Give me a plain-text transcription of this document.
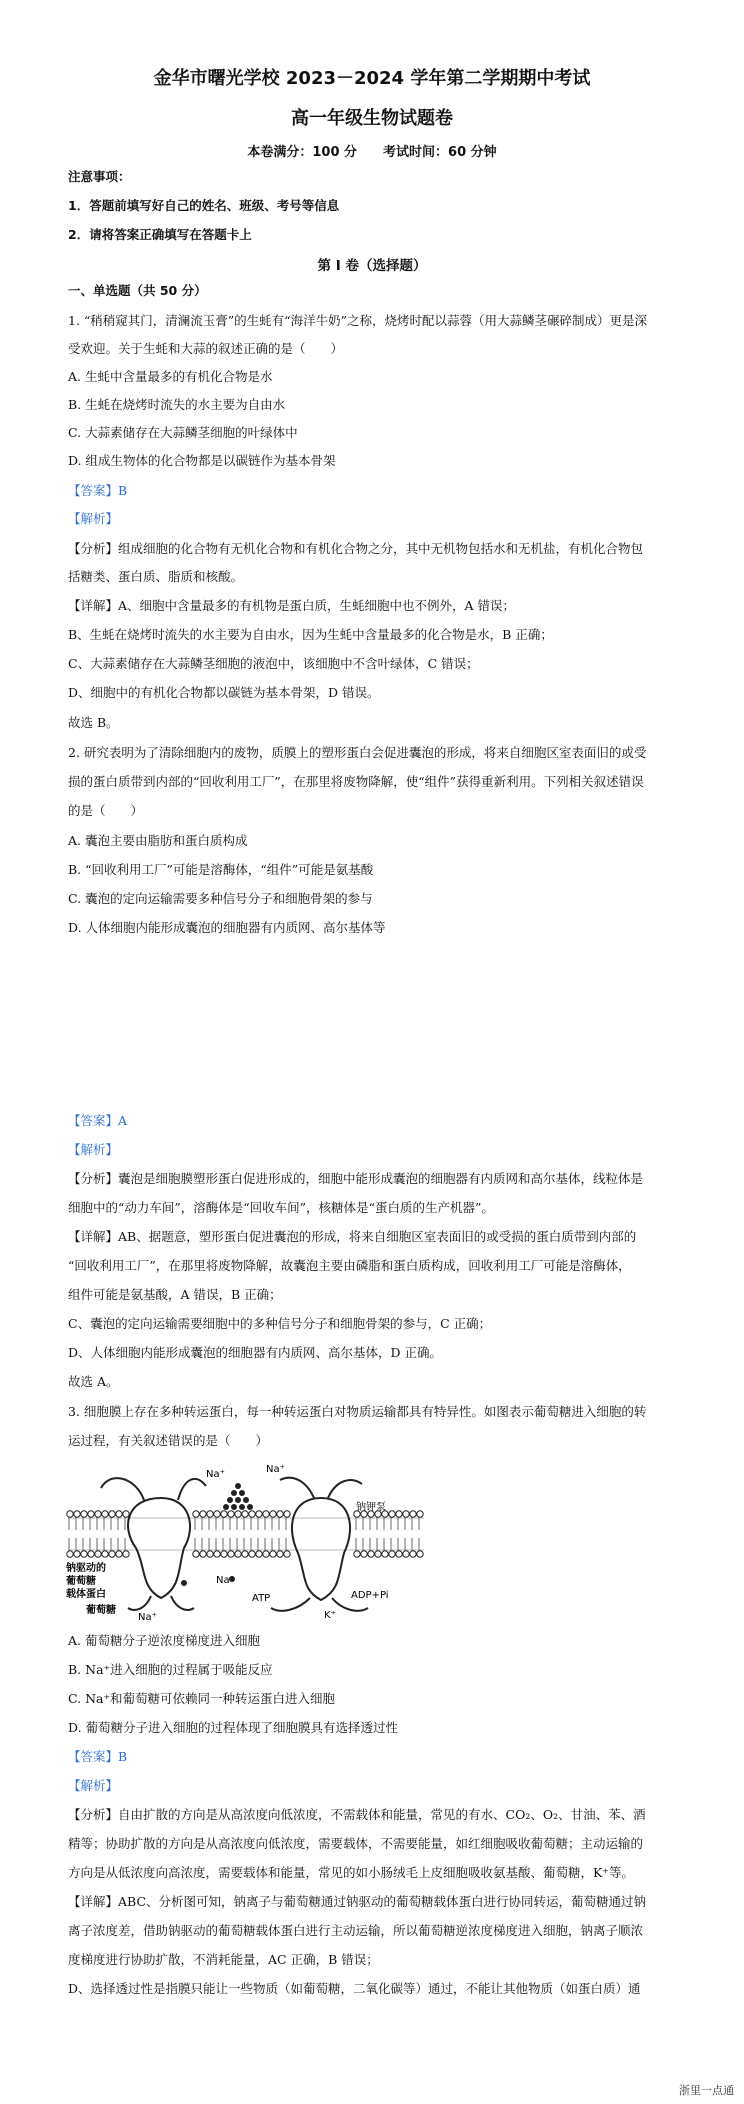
金华市曙光学校 2023－2024 学年第二学期期中考试
高一年级生物试题卷
本卷满分：100 分　　考试时间：60 分钟
注意事项：
1．答题前填写好自己的姓名、班级、考号等信息
2．请将答案正确填写在答题卡上
第 I 卷（选择题）
一、单选题（共 50 分）
1. “稍稍窥其门，清澜流玉膏”的生蚝有“海洋牛奶”之称，烧烤时配以蒜蓉（用大蒜鳞茎碾碎制成）更是深
受欢迎。关于生蚝和大蒜的叙述正确的是（　　）
A. 生蚝中含量最多的有机化合物是水
B. 生蚝在烧烤时流失的水主要为自由水
C. 大蒜素储存在大蒜鳞茎细胞的叶绿体中
D. 组成生物体的化合物都是以碳链作为基本骨架
【答案】B
【解析】
【分析】组成细胞的化合物有无机化合物和有机化合物之分，其中无机物包括水和无机盐，有机化合物包
括糖类、蛋白质、脂质和核酸。
【详解】A、细胞中含量最多的有机物是蛋白质，生蚝细胞中也不例外，A 错误；
B、生蚝在烧烤时流失的水主要为自由水，因为生蚝中含量最多的化合物是水，B 正确；
C、大蒜素储存在大蒜鳞茎细胞的液泡中，该细胞中不含叶绿体，C 错误；
D、细胞中的有机化合物都以碳链为基本骨架，D 错误。
故选 B。
2. 研究表明为了清除细胞内的废物，质膜上的塑形蛋白会促进囊泡的形成，将来自细胞区室表面旧的或受
损的蛋白质带到内部的“回收利用工厂”，在那里将废物降解，使“组件”获得重新利用。下列相关叙述错误
的是（　　）
A. 囊泡主要由脂肪和蛋白质构成
B. “回收利用工厂”可能是溶酶体，“组件”可能是氨基酸
C. 囊泡的定向运输需要多种信号分子和细胞骨架的参与
D. 人体细胞内能形成囊泡的细胞器有内质网、高尔基体等
【答案】A
【解析】
【分析】囊泡是细胞膜塑形蛋白促进形成的，细胞中能形成囊泡的细胞器有内质网和高尔基体，线粒体是
细胞中的“动力车间”，溶酶体是“回收车间”，核糖体是“蛋白质的生产机器”。
【详解】AB、据题意，塑形蛋白促进囊泡的形成，将来自细胞区室表面旧的或受损的蛋白质带到内部的
“回收利用工厂”，在那里将废物降解，故囊泡主要由磷脂和蛋白质构成，回收利用工厂可能是溶酶体，
组件可能是氨基酸，A 错误，B 正确；
C、囊泡的定向运输需要细胞中的多种信号分子和细胞骨架的参与，C 正确；
D、人体细胞内能形成囊泡的细胞器有内质网、高尔基体，D 正确。
故选 A。
3. 细胞膜上存在多种转运蛋白，每一种转运蛋白对物质运输都具有特异性。如图表示葡萄糖进入细胞的转
运过程，有关叙述错误的是（　　）
Na⁺	Na⁺
钠钾泵
钠驱动的
葡萄糖
载体蛋白
葡萄糖
Na⁺
Na⁺
ATP	ADP+Pi
K⁺
A. 葡萄糖分子逆浓度梯度进入细胞
B. Na⁺进入细胞的过程属于吸能反应
C. Na⁺和葡萄糖可依赖同一种转运蛋白进入细胞
D. 葡萄糖分子进入细胞的过程体现了细胞膜具有选择透过性
【答案】B
【解析】
【分析】自由扩散的方向是从高浓度向低浓度，不需载体和能量，常见的有水、CO₂、O₂、甘油、苯、酒
精等；协助扩散的方向是从高浓度向低浓度，需要载体，不需要能量，如红细胞吸收葡萄糖；主动运输的
方向是从低浓度向高浓度，需要载体和能量，常见的如小肠绒毛上皮细胞吸收氨基酸、葡萄糖，K⁺等。
【详解】ABC、分析图可知，钠离子与葡萄糖通过钠驱动的葡萄糖载体蛋白进行协同转运，葡萄糖通过钠
离子浓度差，借助钠驱动的葡萄糖载体蛋白进行主动运输，所以葡萄糖逆浓度梯度进入细胞，钠离子顺浓
度梯度进行协助扩散，不消耗能量，AC 正确，B 错误；
D、选择透过性是指膜只能让一些物质（如葡萄糖，二氧化碳等）通过，不能让其他物质（如蛋白质）通
浙里一点通
